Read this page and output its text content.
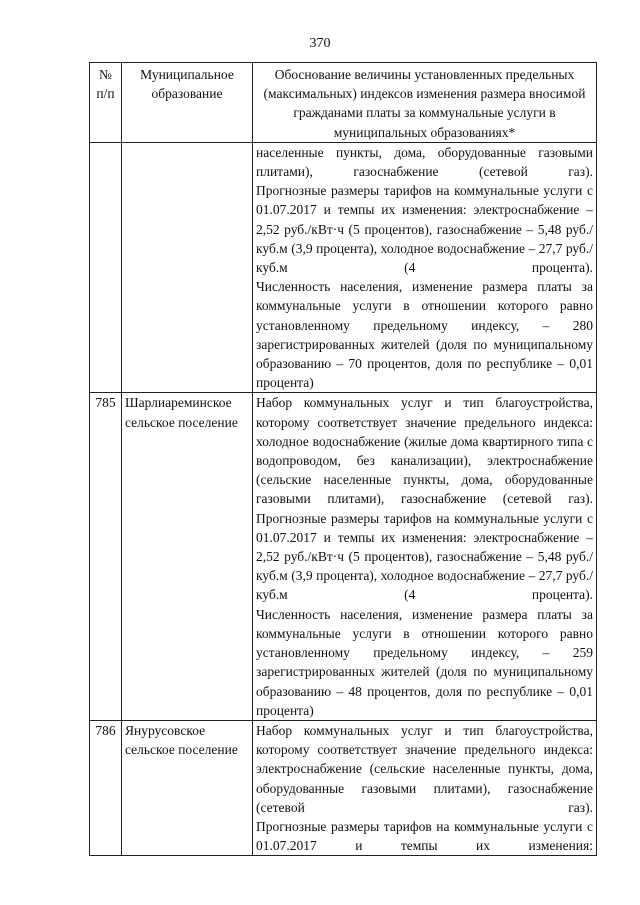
370
№ п/п	Муниципальное образование	Обоснование величины установленных предельных (максимальных) индексов изменения размера вносимой гражданами платы за коммунальные услуги в муниципальных образованиях*

		населенные пункты, дома, оборудованные газовыми плитами), газоснабжение (сетевой газ).

Прогнозные размеры тарифов на коммунальные услуги с 01.07.2017 и темпы их изменения: электроснабжение – 2,52 руб./кВт·ч (5 процентов), газоснабжение – 5,48 руб./куб.м (3,9 процента), холодное водоснабжение – 27,7 руб./куб.м (4 процента).

Численность населения, изменение размера платы за коммунальные услуги в отношении которого равно установленному предельному индексу, – 280 зарегистрированных жителей (доля по муниципальному образованию – 70 процентов, доля по республике – 0,01 процента)

785	Шарлиареминское сельское поселение	Набор коммунальных услуг и тип благоустройства, которому соответствует значение предельного индекса: холодное водоснабжение (жилые дома квартирного типа с водопроводом, без канализации), электроснабжение (сельские населенные пункты, дома, оборудованные газовыми плитами), газоснабжение (сетевой газ).

Прогнозные размеры тарифов на коммунальные услуги с 01.07.2017 и темпы их изменения: электроснабжение – 2,52 руб./кВт·ч (5 процентов), газоснабжение – 5,48 руб./куб.м (3,9 процента), холодное водоснабжение – 27,7 руб./куб.м (4 процента).

Численность населения, изменение размера платы за коммунальные услуги в отношении которого равно установленному предельному индексу, – 259 зарегистрированных жителей (доля по муниципальному образованию – 48 процентов, доля по республике – 0,01 процента)

786	Янурусовское сельское поселение	Набор коммунальных услуг и тип благоустройства, которому соответствует значение предельного индекса: электроснабжение (сельские населенные пункты, дома, оборудованные газовыми плитами), газоснабжение (сетевой газ).

Прогнозные размеры тарифов на коммунальные услуги с 01.07.2017 и темпы их изменения:
